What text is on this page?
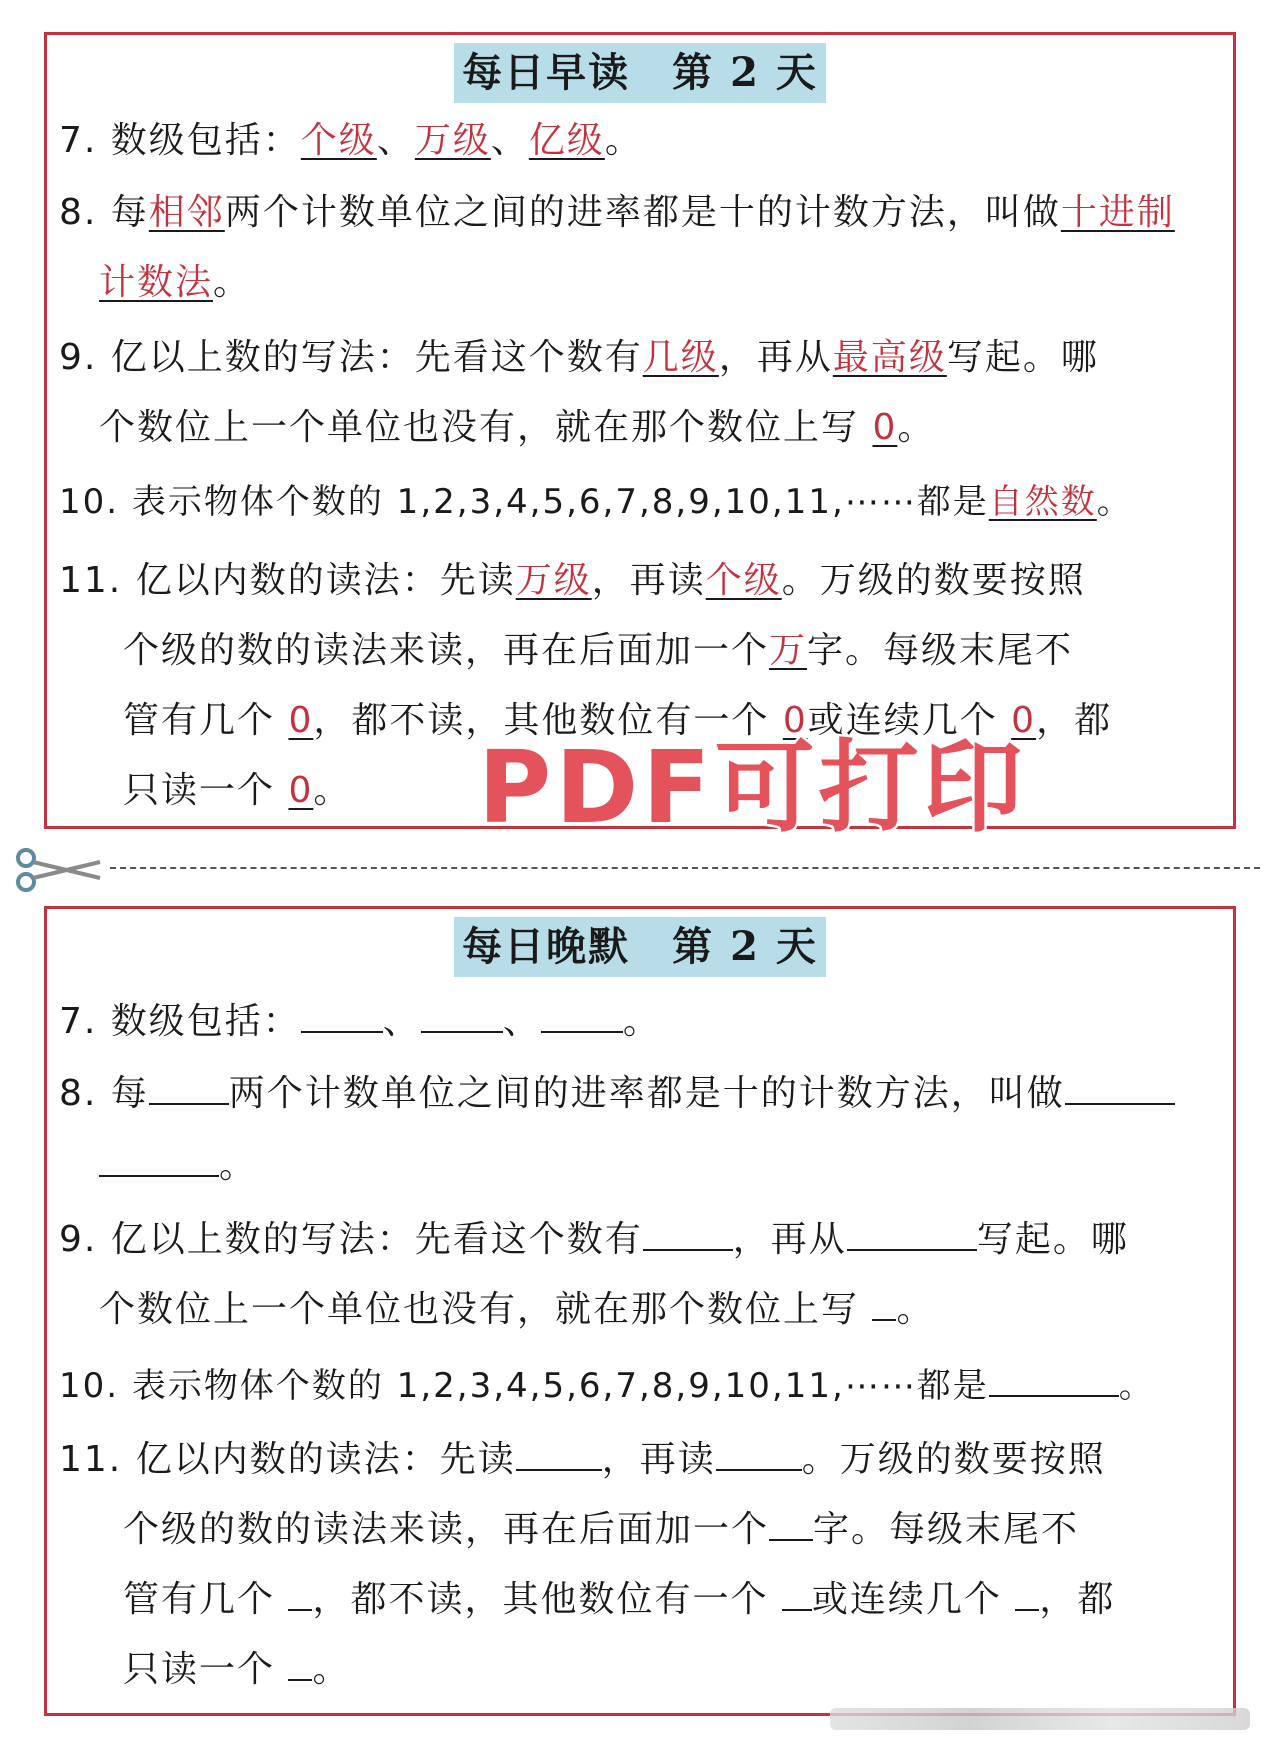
每日早读　第 2 天
7. 数级包括：个级、万级、亿级。
8. 每相邻两个计数单位之间的进率都是十的计数方法，叫做十进制
计数法。
9. 亿以上数的写法：先看这个数有几级，再从最高级写起。哪
个数位上一个单位也没有，就在那个数位上写 0。
10. 表示物体个数的 1,2,3,4,5,6,7,8,9,10,11,⋯⋯都是自然数。
11. 亿以内数的读法：先读万级，再读个级。万级的数要按照
个级的数的读法来读，再在后面加一个万字。每级末尾不
管有几个 0，都不读，其他数位有一个 0或连续几个 0，都
只读一个 0。 PDF可打印
每日晚默　第 2 天
7. 数级包括： 、 、 。
8. 每 两个计数单位之间的进率都是十的计数方法，叫做
。
9. 亿以上数的写法：先看这个数有	，再从	写起。哪
个数位上一个单位也没有，就在那个数位上写 。
10. 表示物体个数的 1,2,3,4,5,6,7,8,9,10,11,⋯⋯都是	。
11. 亿以内数的读法：先读 ，再读 。万级的数要按照
个级的数的读法来读，再在后面加一个 字。每级末尾不
管有几个 ，都不读，其他数位有一个 或连续几个 ，都
只读一个 。
